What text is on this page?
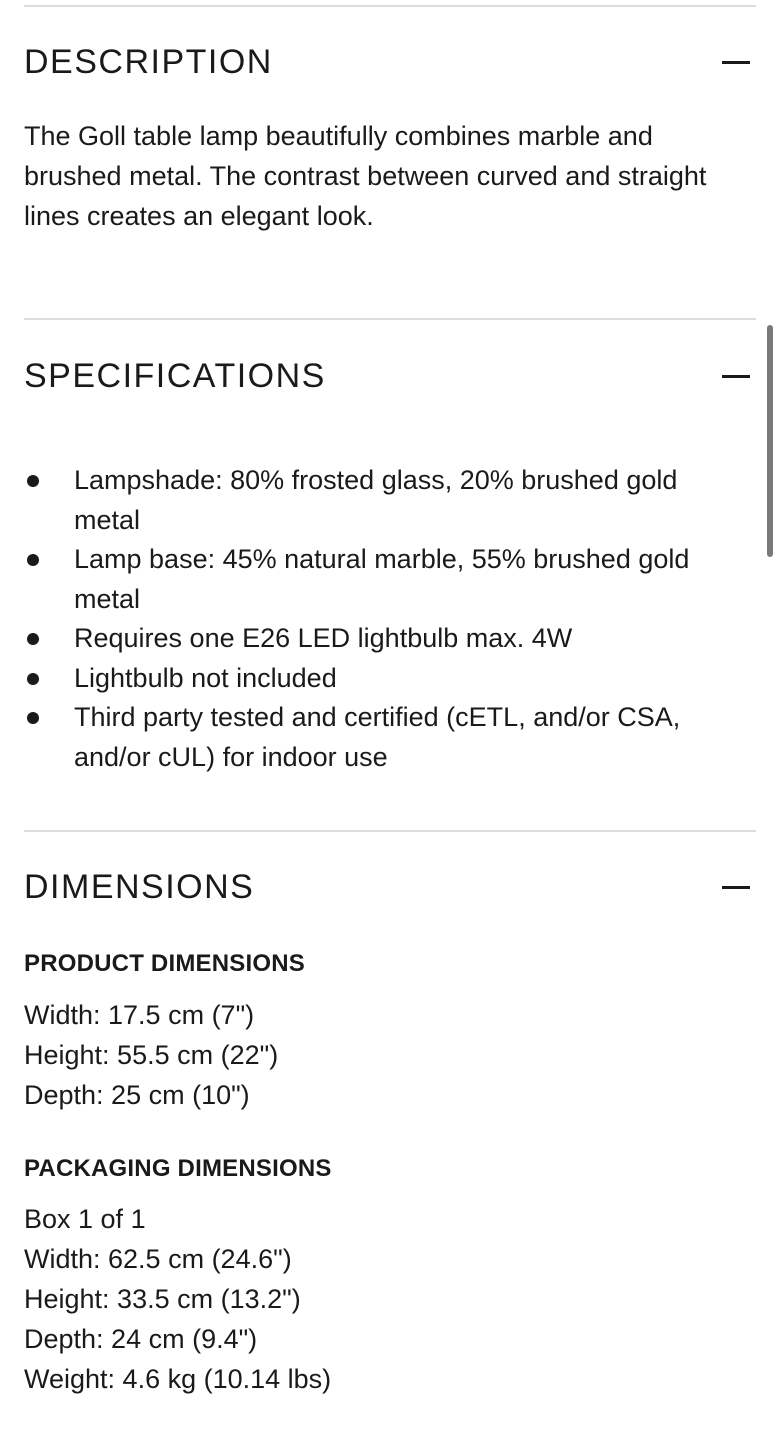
DESCRIPTION

The Goll table lamp beautifully combines marble and brushed metal. The contrast between curved and straight lines creates an elegant look.

SPECIFICATIONS
Lampshade: 80% frosted glass, 20% brushed gold metal
Lamp base: 45% natural marble, 55% brushed gold metal
Requires one E26 LED lightbulb max. 4W
Lightbulb not included
Third party tested and certified (cETL, and/or CSA, and/or cUL) for indoor use
DIMENSIONS
PRODUCT DIMENSIONS
Width: 17.5 cm (7")
Height: 55.5 cm (22")
Depth: 25 cm (10")
PACKAGING DIMENSIONS
Box 1 of 1
Width: 62.5 cm (24.6")
Height: 33.5 cm (13.2")
Depth: 24 cm (9.4")
Weight: 4.6 kg (10.14 lbs)
